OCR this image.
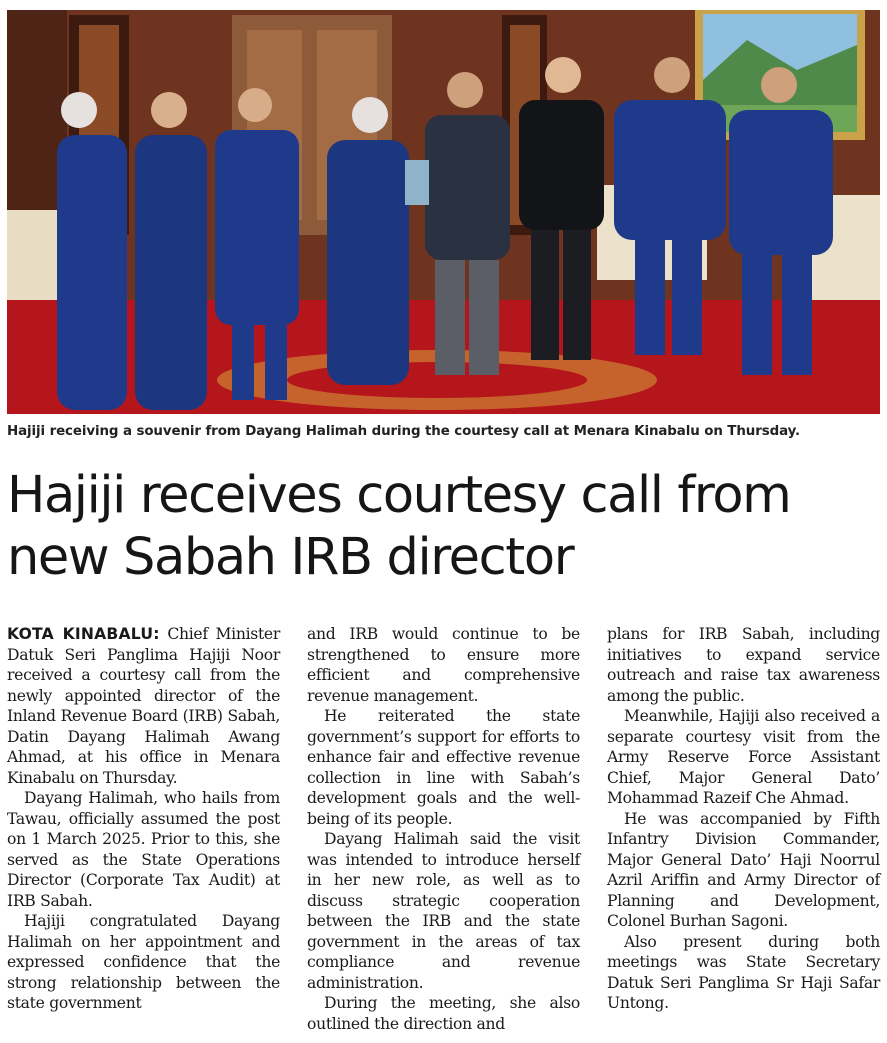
Hajiji receiving a souvenir from Dayang Halimah during the courtesy call at Menara Kinabalu on Thursday.
Hajiji receives courtesy call from new Sabah IRB director

KOTA KINABALU: Chief Minister Datuk Seri Panglima Hajiji Noor received a courtesy call from the newly appointed director of the Inland Revenue Board (IRB) Sabah, Datin Dayang Halimah Awang Ahmad, at his office in Menara Kinabalu on Thursday.

Dayang Halimah, who hails from Tawau, officially assumed the post on 1 March 2025. Prior to this, she served as the State Operations Director (Corporate Tax Audit) at IRB Sabah.

Hajiji congratulated Dayang Halimah on her appointment and expressed confidence that the strong relationship between the state government

and IRB would continue to be strengthened to ensure more efficient and comprehensive revenue management.

He reiterated the state government’s support for efforts to enhance fair and effective revenue collection in line with Sabah’s development goals and the well-being of its people.

Dayang Halimah said the visit was intended to introduce herself in her new role, as well as to discuss strategic cooperation between the IRB and the state government in the areas of tax compliance and revenue administration.

During the meeting, she also outlined the direction and

plans for IRB Sabah, including initiatives to expand service outreach and raise tax awareness among the public.

Meanwhile, Hajiji also received a separate courtesy visit from the Army Reserve Force Assistant Chief, Major General Dato’ Mohammad Razeif Che Ahmad.

He was accompanied by Fifth Infantry Division Commander, Major General Dato’ Haji Noorrul Azril Ariffin and Army Director of Planning and Development, Colonel Burhan Sagoni.

Also present during both meetings was State Secretary Datuk Seri Panglima Sr Haji Safar Untong.
